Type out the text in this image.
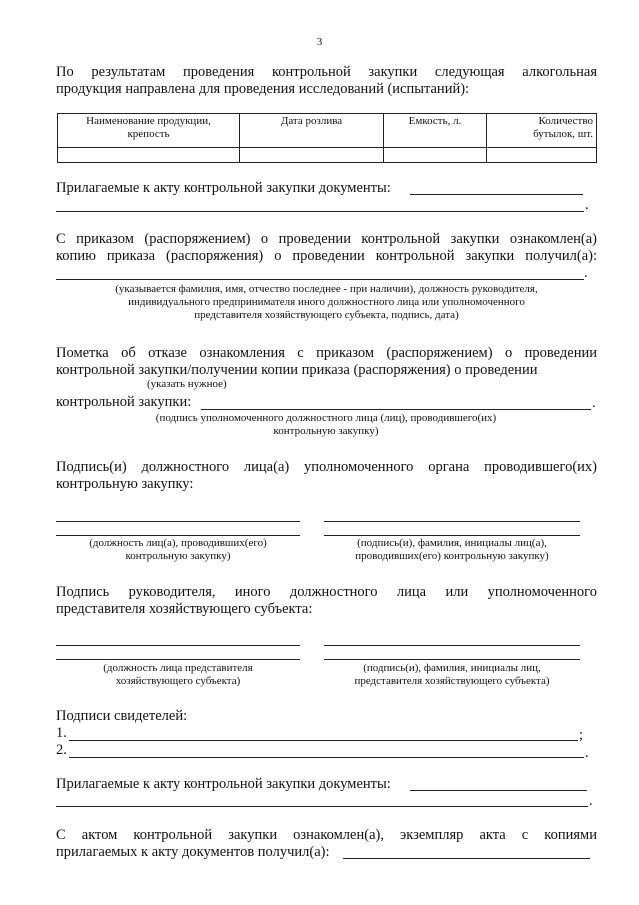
3
По результатам проведения контрольной закупки следующая алкогольная
продукция направлена для проведения исследований (испытаний):
Наименование продукции,
крепость	Дата розлива	Емкость, л.	Количество
бутылок, шт.

Прилагаемые к акту контрольной закупки документы:
.
С приказом (распоряжением) о проведении контрольной закупки ознакомлен(а)
копию приказа (распоряжения) о проведении контрольной закупки получил(а):
.
(указывается фамилия, имя, отчество последнее - при наличии), должность руководителя,
индивидуального предпринимателя иного должностного лица или уполномоченного
представителя хозяйствующего субъекта, подпись, дата)
Пометка об отказе ознакомления с приказом (распоряжением) о проведении
контрольной закупки/получении копии приказа (распоряжения) о проведении
(указать нужное)
контрольной закупки:	.
(подпись уполномоченного должностного лица (лиц), проводившего(их)
контрольную закупку)
Подпись(и) должностного лица(а) уполномоченного органа проводившего(их)
контрольную закупку:
(должность лиц(а), проводивших(его)
контрольную закупку)
(подпись(и), фамилия, инициалы лиц(а),
проводивших(его) контрольную закупку)
Подпись руководителя, иного должностного лица или уполномоченного
представителя хозяйствующего субъекта:
(должность лица представителя
хозяйствующего субъекта)
(подпись(и), фамилия, инициалы лиц,
представителя хозяйствующего субъекта)
Подписи свидетелей:
1.	;
2.	.
Прилагаемые к акту контрольной закупки документы:
.
С актом контрольной закупки ознакомлен(а), экземпляр акта с копиями
прилагаемых к акту документов получил(а):
